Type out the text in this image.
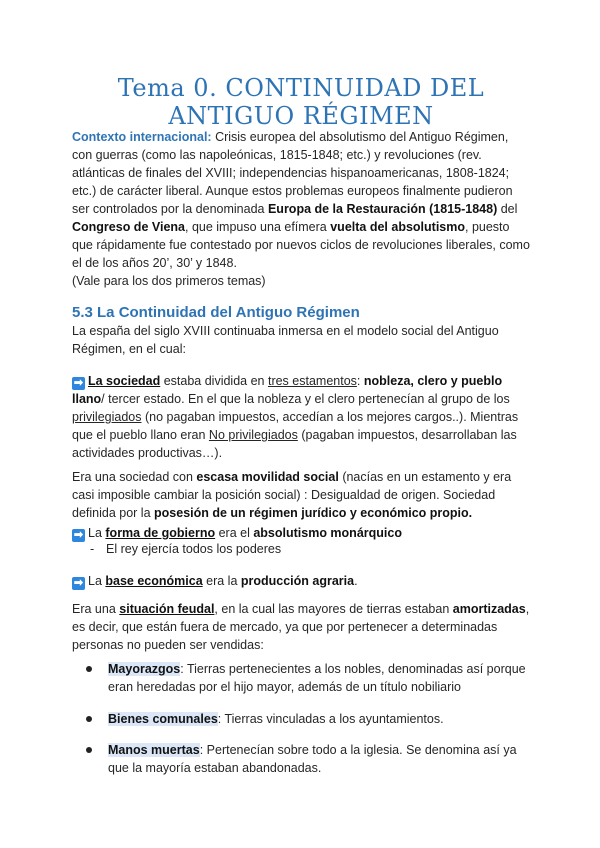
Tema 0. CONTINUIDAD DEL ANTIGUO RÉGIMEN
Contexto internacional: Crisis europea del absolutismo del Antiguo Régimen, con guerras (como las napoleónicas, 1815-1848; etc.) y revoluciones (rev. atlánticas de finales del XVIII; independencias hispanoamericanas, 1808-1824; etc.) de carácter liberal. Aunque estos problemas europeos finalmente pudieron ser controlados por la denominada Europa de la Restauración (1815-1848) del Congreso de Viena, que impuso una efímera vuelta del absolutismo, puesto que rápidamente fue contestado por nuevos ciclos de revoluciones liberales, como el de los años 20’, 30’ y 1848.
(Vale para los dos primeros temas)
5.3 La Continuidad del Antiguo Régimen
La españa del siglo XVIII continuaba inmersa en el modelo social del Antiguo Régimen, en el cual:
➡ La sociedad estaba dividida en tres estamentos: nobleza, clero y pueblo llano/ tercer estado. En el que la nobleza y el clero pertenecían al grupo de los privilegiados (no pagaban impuestos, accedían a los mejores cargos..). Mientras que el pueblo llano eran No privilegiados (pagaban impuestos, desarrollaban las actividades productivas…).
Era una sociedad con escasa movilidad social (nacías en un estamento y era casi imposible cambiar la posición social) : Desigualdad de origen. Sociedad definida por la posesión de un régimen jurídico y económico propio.
➡ La forma de gobierno era el absolutismo monárquico
- El rey ejercía todos los poderes
➡ La base económica era la producción agraria.
Era una situación feudal, en la cual las mayores de tierras estaban amortizadas, es decir, que están fuera de mercado, ya que por pertenecer a determinadas personas no pueden ser vendidas:
Mayorazgos: Tierras pertenecientes a los nobles, denominadas así porque eran heredadas por el hijo mayor, además de un título nobiliario
Bienes comunales: Tierras vinculadas a los ayuntamientos.
Manos muertas: Pertenecían sobre todo a la iglesia. Se denomina así ya que la mayoría estaban abandonadas.
